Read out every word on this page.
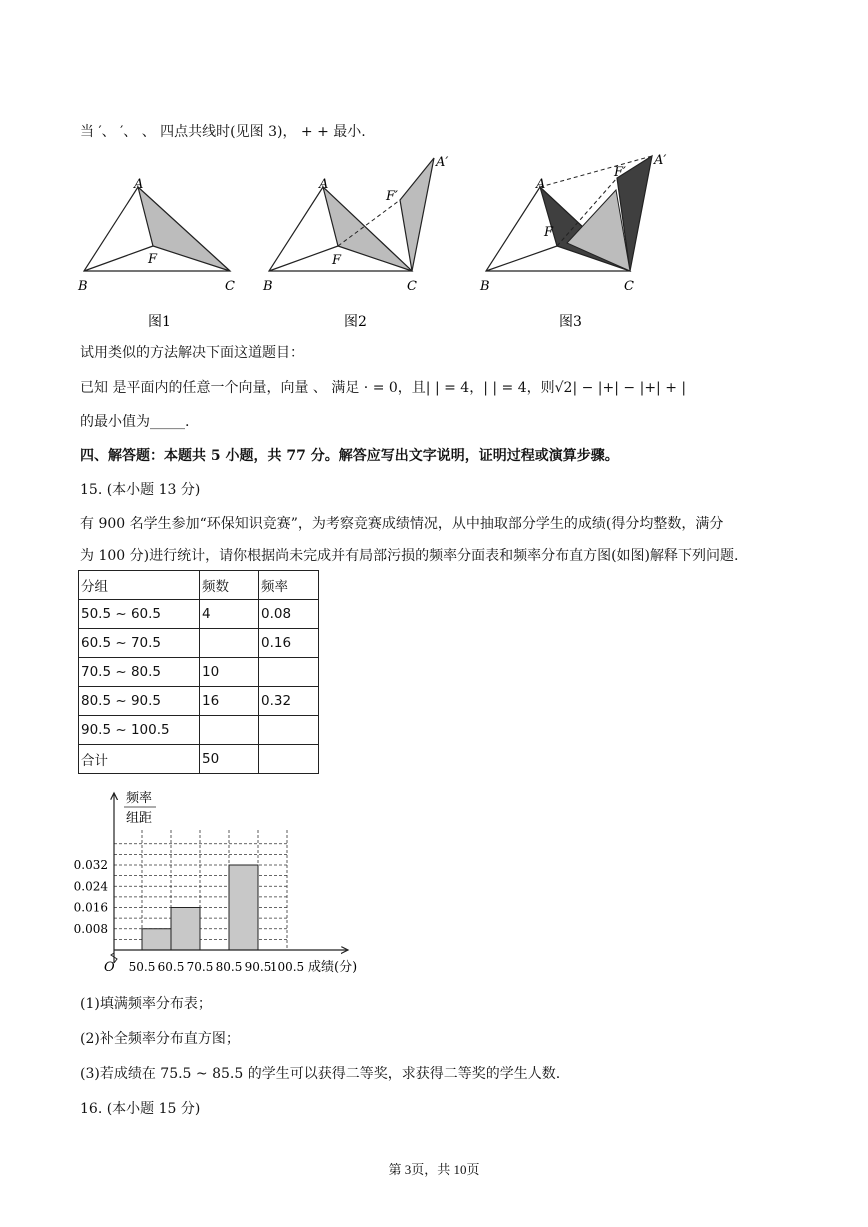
当 ′、 ′、 、 四点共线时(见图 3)， + + 最小.
A
B	C
F
A
B	C
F
F′
A′
A
B	C
F
F′
A′
图1	图2	图3
试用类似的方法解决下面这道题目：
已知 是平面内的任意一个向量，向量 、 满足 · = 0，且| | = 4，| | = 4，则√2| − |+| − |+| + |
的最小值为_____.
四、解答题：本题共 5 小题，共 77 分。解答应写出文字说明，证明过程或演算步骤。
15. (本小题 13 分)
有 900 名学生参加“环保知识竞赛”，为考察竞赛成绩情况，从中抽取部分学生的成绩(得分均整数，满分
为 100 分)进行统计，请你根据尚未完成并有局部污损的频率分面表和频率分布直方图(如图)解释下列问题.
分组	频数	频率
50.5 ~ 60.5	4	0.08
60.5 ~ 70.5		0.16
70.5 ~ 80.5	10	
80.5 ~ 90.5	16	0.32
90.5 ~ 100.5		
合计	50	
频率
组距
O
0.008
0.016
0.024
0.032
50.5 60.5 70.5 80.5 90.5
100.5 成绩(分)
(1)填满频率分布表；
(2)补全频率分布直方图；
(3)若成绩在 75.5 ~ 85.5 的学生可以获得二等奖，求获得二等奖的学生人数.
16. (本小题 15 分)
第 3页，共 10页
